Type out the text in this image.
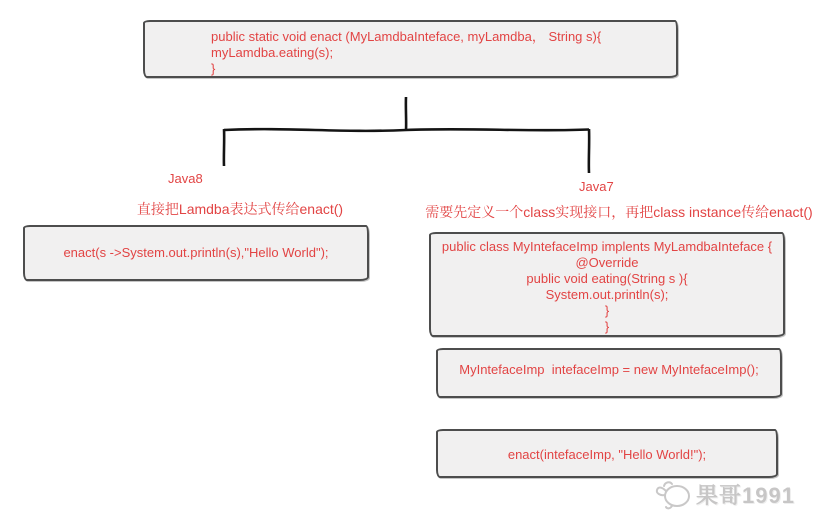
public static void enact (MyLamdbaInteface, myLamdba， String s){
myLamdba.eating(s);
}
Java8
直接把Lamdba表达式传给enact()
Java7
需要先定义一个class实现接口，再把class instance传给enact()
enact(s ->System.out.println(s),"Hello World");	public class MyIntefaceImp implents MyLamdbaInteface {
@Override
public void eating(String s ){
System.out.println(s);
}
}
MyIntefaceImp  intefaceImp = new MyIntefaceImp();
enact(intefaceImp, "Hello World!");
果哥1991
